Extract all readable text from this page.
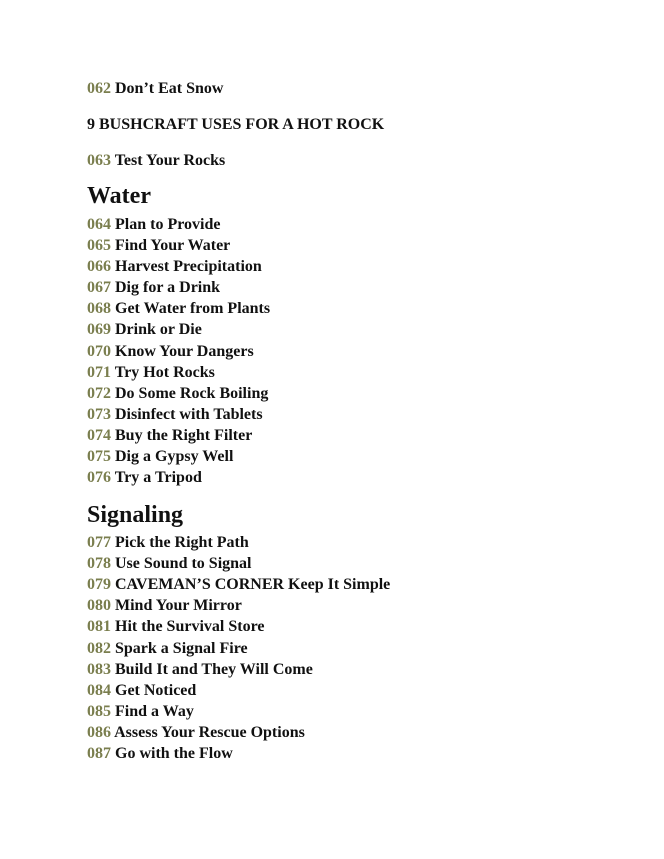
062 Don’t Eat Snow
9 BUSHCRAFT USES FOR A HOT ROCK
063 Test Your Rocks
Water
064 Plan to Provide
065 Find Your Water
066 Harvest Precipitation
067 Dig for a Drink
068 Get Water from Plants
069 Drink or Die
070 Know Your Dangers
071 Try Hot Rocks
072 Do Some Rock Boiling
073 Disinfect with Tablets
074 Buy the Right Filter
075 Dig a Gypsy Well
076 Try a Tripod
Signaling
077 Pick the Right Path
078 Use Sound to Signal
079 CAVEMAN’S CORNER Keep It Simple
080 Mind Your Mirror
081 Hit the Survival Store
082 Spark a Signal Fire
083 Build It and They Will Come
084 Get Noticed
085 Find a Way
086 Assess Your Rescue Options
087 Go with the Flow
